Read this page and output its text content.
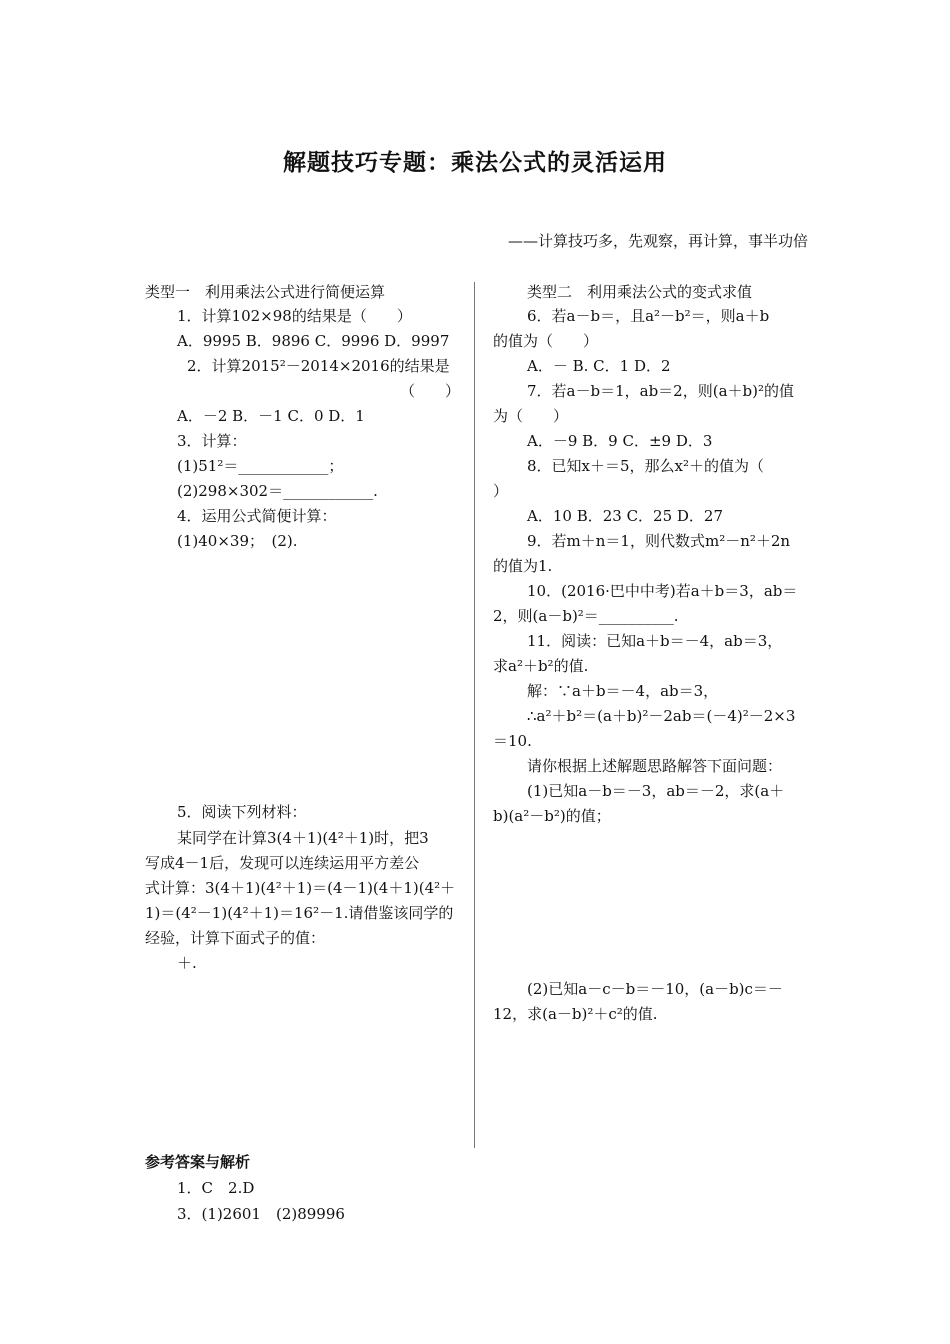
解题技巧专题：乘法公式的灵活运用
——计算技巧多，先观察，再计算，事半功倍
类型一　利用乘法公式进行简便运算
1．计算102×98的结果是（　　）
A．9995 B．9896 C．9996 D．9997
2．计算2015²－2014×2016的结果是
（　　）
A．－2 B．－1 C．0 D．1
3．计算：
(1)51²＝____________；
(2)298×302＝____________.
4．运用公式简便计算：
(1)40×39；　(2).
5．阅读下列材料：
某同学在计算3(4＋1)(4²＋1)时，把3
写成4－1后，发现可以连续运用平方差公
式计算：3(4＋1)(4²＋1)＝(4－1)(4＋1)(4²＋
1)＝(4²－1)(4²＋1)＝16²－1.请借鉴该同学的
经验，计算下面式子的值：
＋.
类型二　利用乘法公式的变式求值
6．若a－b＝，且a²－b²＝，则a＋b
的值为（　　）
A．－ B. C．1 D．2
7．若a－b＝1，ab＝2，则(a＋b)²的值
为（　　）
A．－9 B．9 C．±9 D．3
8．已知x＋＝5，那么x²＋的值为（
）
A．10 B．23 C．25 D．27
9．若m＋n＝1，则代数式m²－n²＋2n
的值为1.
10．(2016·巴中中考)若a＋b＝3，ab＝
2，则(a－b)²＝__________.
11．阅读：已知a＋b＝－4，ab＝3，
求a²＋b²的值.
解：∵a＋b＝－4，ab＝3，
∴a²＋b²＝(a＋b)²－2ab＝(－4)²－2×3
＝10.
请你根据上述解题思路解答下面问题：
(1)已知a－b＝－3，ab＝－2，求(a＋
b)(a²－b²)的值；
(2)已知a－c－b＝－10，(a－b)c＝－
12，求(a－b)²＋c²的值.
参考答案与解析
1．C　2.D
3．(1)2601　(2)89996
